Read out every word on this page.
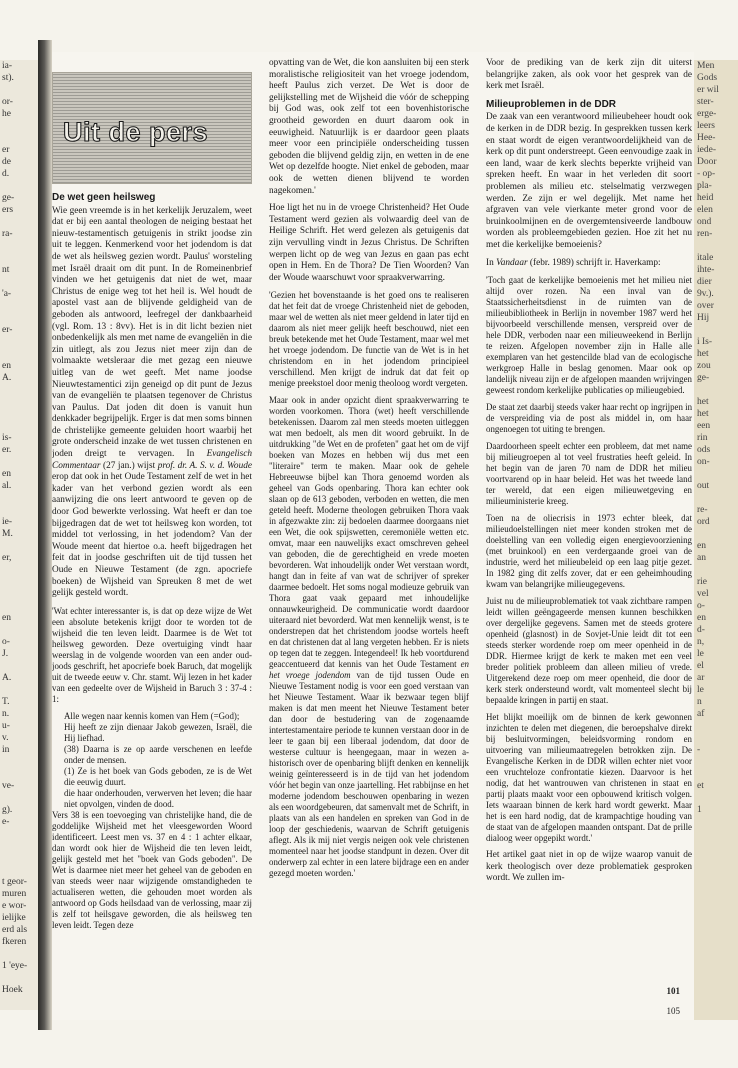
ia-
st).

or-
he

er
de
d.

ge-
ers

ra-

nt

'a-

er-

en
A.

is-
er.

en
al.

ie-
M.

er,

en

o-
J.

A.

T.
n.
u-
v.
in

ve-

g).
e-

t geor-
muren
e wor-
ielijke
erd als
fkeren

1 'eye-

Hoek
Men
Gods
er wil
ster-
erge-
leers
Hee-
iede-
Door
- op-
pla-
heid
elen
ond
ren-

itale
ihte-
dier
9v.).
over
Hij

i Is-
het
zou
ge-

het
het
een
rin
ods
on-

out

re-
ord

en
an

rie
vel
o-
en
d-
n,
le
el
ar
le
n
af

-

et

1

Uit de pers
De wet geen heilsweg

Wie geen vreemde is in het kerkelijk Jeruzalem, weet dat er bij een aantal theologen de neiging bestaat het nieuw-testamentisch getuigenis in strikt joodse zin uit te leggen. Kenmerkend voor het jodendom is dat de wet als heilsweg gezien wordt. Paulus' worsteling met Israël draait om dit punt. In de Romeinenbrief vinden we het getuigenis dat niet de wet, maar Christus de enige weg tot het heil is. Wel houdt de apostel vast aan de blijvende geldigheid van de geboden als antwoord, leefregel der dankbaarheid (vgl. Rom. 13 : 8vv). Het is in dit licht bezien niet onbedenkelijk als men met name de evangeliën in die zin uitlegt, als zou Jezus niet meer zijn dan de volmaakte wetsleraar die met gezag een nieuwe uitleg van de wet geeft. Met name joodse Nieuwtestamentici zijn geneigd op dit punt de Jezus van de evangeliën te plaatsen tegenover de Christus van Paulus. Dat joden dit doen is vanuit hun denkkader begrijpelijk. Erger is dat men soms binnen de christelijke gemeente geluiden hoort waarbij het grote onderscheid inzake de wet tussen christenen en joden dreigt te vervagen. In Evangelisch Commentaar (27 jan.) wijst prof. dr. A. S. v. d. Woude erop dat ook in het Oude Testament zelf de wet in het kader van het verbond gezien wordt als een aanwijzing die ons leert antwoord te geven op de door God bewerkte verlossing. Wat heeft er dan toe bijgedragen dat de wet tot heilsweg kon worden, tot middel tot verlossing, in het jodendom? Van der Woude meent dat hiertoe o.a. heeft bijgedragen het feit dat in joodse geschriften uit de tijd tussen het Oude en Nieuwe Testament (de zgn. apocriefe boeken) de Wijsheid van Spreuken 8 met de wet gelijk gesteld wordt.

'Wat echter interessanter is, is dat op deze wijze de Wet een absolute betekenis krijgt door te worden tot de wijsheid die ten leven leidt. Daarmee is de Wet tot heilsweg geworden. Deze overtuiging vindt haar weerslag in de volgende woorden van een ander oud-joods geschrift, het apocriefe boek Baruch, dat mogelijk uit de tweede eeuw v. Chr. stamt. Wij lezen in het kader van een gedeelte over de Wijsheid in Baruch 3 : 37-4 : 1:

Alle wegen naar kennis komen van Hem (=God);

Hij heeft ze zijn dienaar Jakob gewezen, Israël, die Hij liefhad.

(38) Daarna is ze op aarde verschenen en leefde onder de mensen.

(1) Ze is het boek van Gods geboden, ze is de Wet die eeuwig duurt.

die haar onderhouden, verwerven het leven; die haar niet opvolgen, vinden de dood.

Vers 38 is een toevoeging van christelijke hand, die de goddelijke Wijsheid met het vleesgeworden Woord identificeert. Leest men vs. 37 en 4 : 1 achter elkaar, dan wordt ook hier de Wijsheid die ten leven leidt, gelijk gesteld met het "boek van Gods geboden". De Wet is daarmee niet meer het geheel van de geboden en van steeds weer naar wijzigende omstandigheden te actualiseren wetten, die gehouden moet worden als antwoord op Gods heilsdaad van de verlossing, maar zij is zelf tot heilsgave geworden, die als heilsweg ten leven leidt. Tegen deze

opvatting van de Wet, die kon aansluiten bij een sterk moralistische religiositeit van het vroege jodendom, heeft Paulus zich verzet. De Wet is door de gelijkstelling met de Wijsheid die vóór de schepping bij God was, ook zelf tot een bovenhistorische grootheid geworden en duurt daarom ook in eeuwigheid. Natuurlijk is er daardoor geen plaats meer voor een principiële onderscheiding tussen geboden die blijvend geldig zijn, en wetten in de ene Wet op dezelfde hoogte. Niet enkel de geboden, maar ook de wetten dienen blijvend te worden nagekomen.'

Hoe ligt het nu in de vroege Christenheid? Het Oude Testament werd gezien als volwaardig deel van de Heilige Schrift. Het werd gelezen als getuigenis dat zijn vervulling vindt in Jezus Christus. De Schriften werpen licht op de weg van Jezus en gaan pas echt open in Hem. En de Thora? De Tien Woorden? Van der Woude waarschuwt voor spraakverwarring.

'Gezien het bovenstaande is het goed ons te realiseren dat het feit dat de vroege Christenheid niet de geboden, maar wel de wetten als niet meer geldend in later tijd en daarom als niet meer gelijk heeft beschouwd, niet een breuk betekende met het Oude Testament, maar wel met het vroege jodendom. De functie van de Wet is in het christendom en in het jodendom principieel verschillend. Men krijgt de indruk dat dat feit op menige preekstoel door menig theoloog wordt vergeten.

Maar ook in ander opzicht dient spraakverwarring te worden voorkomen. Thora (wet) heeft verschillende betekenissen. Daarom zal men steeds moeten uitleggen wat men bedoelt, als men dit woord gebruikt. In de uitdrukking "de Wet en de profeten" gaat het om de vijf boeken van Mozes en hebben wij dus met een "literaire" term te maken. Maar ook de gehele Hebreeuwse bijbel kan Thora genoemd worden als geheel van Gods openbaring. Thora kan echter ook slaan op de 613 geboden, verboden en wetten, die men geteld heeft. Moderne theologen gebruiken Thora vaak in afgezwakte zin: zij bedoelen daarmee doorgaans niet een Wet, die ook spijswetten, ceremoniële wetten etc. omvat, maar een nauwelijks exact omschreven geheel van geboden, die de gerechtigheid en vrede moeten bevorderen. Wat inhoudelijk onder Wet verstaan wordt, hangt dan in feite af van wat de schrijver of spreker daarmee bedoelt. Het soms nogal modieuze gebruik van Thora gaat vaak gepaard met inhoudelijke onnauwkeurigheid. De communicatie wordt daardoor uiteraard niet bevorderd. Wat men kennelijk wenst, is te onderstrepen dat het christendom joodse wortels heeft en dat christenen dat al lang vergeten hebben. Er is niets op tegen dat te zeggen. Integendeel! Ik heb voortdurend geaccentueerd dat kennis van het Oude Testament en het vroege jodendom van de tijd tussen Oude en Nieuwe Testament nodig is voor een goed verstaan van het Nieuwe Testament. Waar ik bezwaar tegen blijf maken is dat men meent het Nieuwe Testament beter dan door de bestudering van de zogenaamde intertestamentaire periode te kunnen verstaan door in de leer te gaan bij een liberaal jodendom, dat door de westerse cultuur is heengegaan, maar in wezen a-historisch over de openbaring blijft denken en kennelijk weinig geïnteresseerd is in de tijd van het jodendom vóór het begin van onze jaartelling. Het rabbijnse en het moderne jodendom beschouwen openbaring in wezen als een woordgebeuren, dat samenvalt met de Schrift, in plaats van als een handelen en spreken van God in de loop der geschiedenis, waarvan de Schrift getuigenis aflegt. Als ik mij niet vergis neigen ook vele christenen momenteel naar het joodse standpunt in dezen. Over dit onderwerp zal echter in een latere bijdrage een en ander gezegd moeten worden.'

Voor de prediking van de kerk zijn dit uiterst belangrijke zaken, als ook voor het gesprek van de kerk met Israël.

Milieuproblemen in de DDR

De zaak van een verantwoord milieubeheer houdt ook de kerken in de DDR bezig. In gesprekken tussen kerk en staat wordt de eigen verantwoordelijkheid van de kerk op dit punt onderstreept. Geen eenvoudige zaak in een land, waar de kerk slechts beperkte vrijheid van spreken heeft. En waar in het verleden dit soort problemen als milieu etc. stelselmatig verzwegen werden. Ze zijn er wel degelijk. Met name het afgraven van vele vierkante meter grond voor de bruinkoolmijnen en de overgemtensiveerde landbouw worden als probleemgebieden gezien. Hoe zit het nu met die kerkelijke bemoeienis?

In Vandaar (febr. 1989) schrijft ir. Haverkamp:

'Toch gaat de kerkelijke bemoeienis met het milieu niet altijd over rozen. Na een inval van de Staatssicherheitsdienst in de ruimten van de milieubibliotheek in Berlijn in november 1987 werd het bijvoorbeeld verschillende mensen, verspreid over de hele DDR, verboden naar een milieuweekend in Berlijn te reizen. Afgelopen november zijn in Halle alle exemplaren van het gestencilde blad van de ecologische werkgroep Halle in beslag genomen. Maar ook op landelijk niveau zijn er de afgelopen maanden wrijvingen geweest rondom kerkelijke publicaties op milieugebied.

De staat zet daarbij steeds vaker haar recht op ingrijpen in de verspreiding via de post als middel in, om haar ongenoegen tot uiting te brengen.

Daardoorheen speelt echter een probleem, dat met name bij milieugroepen al tot veel frustraties heeft geleid. In het begin van de jaren 70 nam de DDR het milieu voortvarend op in haar beleid. Het was het tweede land ter wereld, dat een eigen milieuwetgeving en milieuministerie kreeg.

Toen na de oliecrisis in 1973 echter bleek, dat milieudoelstellingen niet meer konden stroken met de doelstelling van een volledig eigen energievoorziening (met bruinkool) en een verdergaande groei van de industrie, werd het milieubeleid op een laag pitje gezet. In 1982 ging dit zelfs zover, dat er een geheimhouding kwam van belangrijke milieugegevens.

Juist nu de milieuproblematiek tot vaak zichtbare rampen leidt willen geëngageerde mensen kunnen beschikken over dergelijke gegevens. Samen met de steeds grotere openheid (glasnost) in de Sovjet-Unie leidt dit tot een steeds sterker wordende roep om meer openheid in de DDR. Hiermee krijgt de kerk te maken met een veel breder politiek probleem dan alleen milieu of vrede. Uitgerekend deze roep om meer openheid, die door de kerk sterk ondersteund wordt, valt momenteel slecht bij bepaalde kringen in partij en staat.

Het blijkt moeilijk om de binnen de kerk gewonnen inzichten te delen met diegenen, die beroepshalve direkt bij besluitvormingen, beleidsvorming rondom en uitvoering van milieumaatregelen betrokken zijn. De Evangelische Kerken in de DDR willen echter niet voor een vruchteloze confrontatie kiezen. Daarvoor is het nodig, dat het wantrouwen van christenen in staat en partij plaats maakt voor een opbouwend kritisch volgen. Iets waaraan binnen de kerk hard wordt gewerkt. Maar het is een hard nodig, dat de krampachtige houding van de staat van de afgelopen maanden ontspant. Dat de prille dialoog weer opgepikt wordt.'

Het artikel gaat niet in op de wijze waarop vanuit de kerk theologisch over deze problematiek gesproken wordt. We zullen im-

101
105
